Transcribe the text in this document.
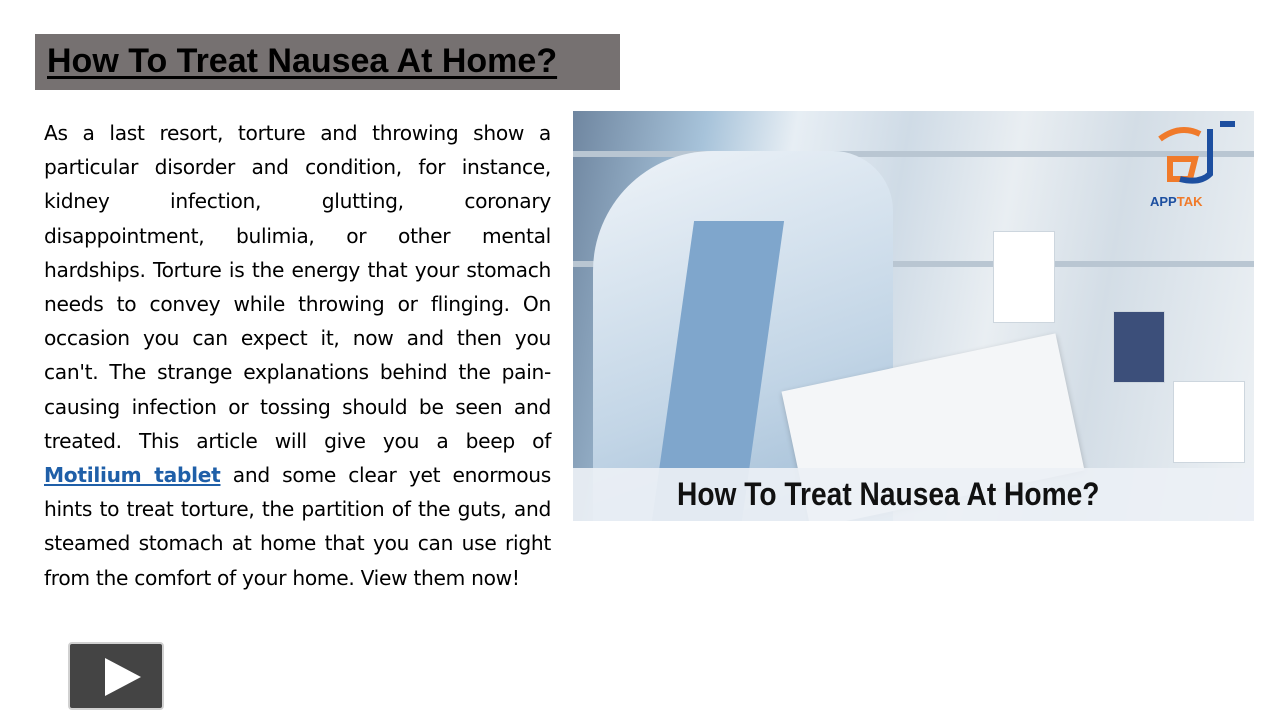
How To Treat Nausea At Home?
As a last resort, torture and throwing show a particular disorder and condition, for instance, kidney infection, glutting, coronary disappointment, bulimia, or other mental hardships. Torture is the energy that your stomach needs to convey while throwing or flinging. On occasion you can expect it, now and then you can't. The strange explanations behind the pain-causing infection or tossing should be seen and treated. This article will give you a beep of Motilium tablet and some clear yet enormous hints to treat torture, the partition of the guts, and steamed stomach at home that you can use right from the comfort of your home. View them now!
APPTAK
How To Treat Nausea At Home?
